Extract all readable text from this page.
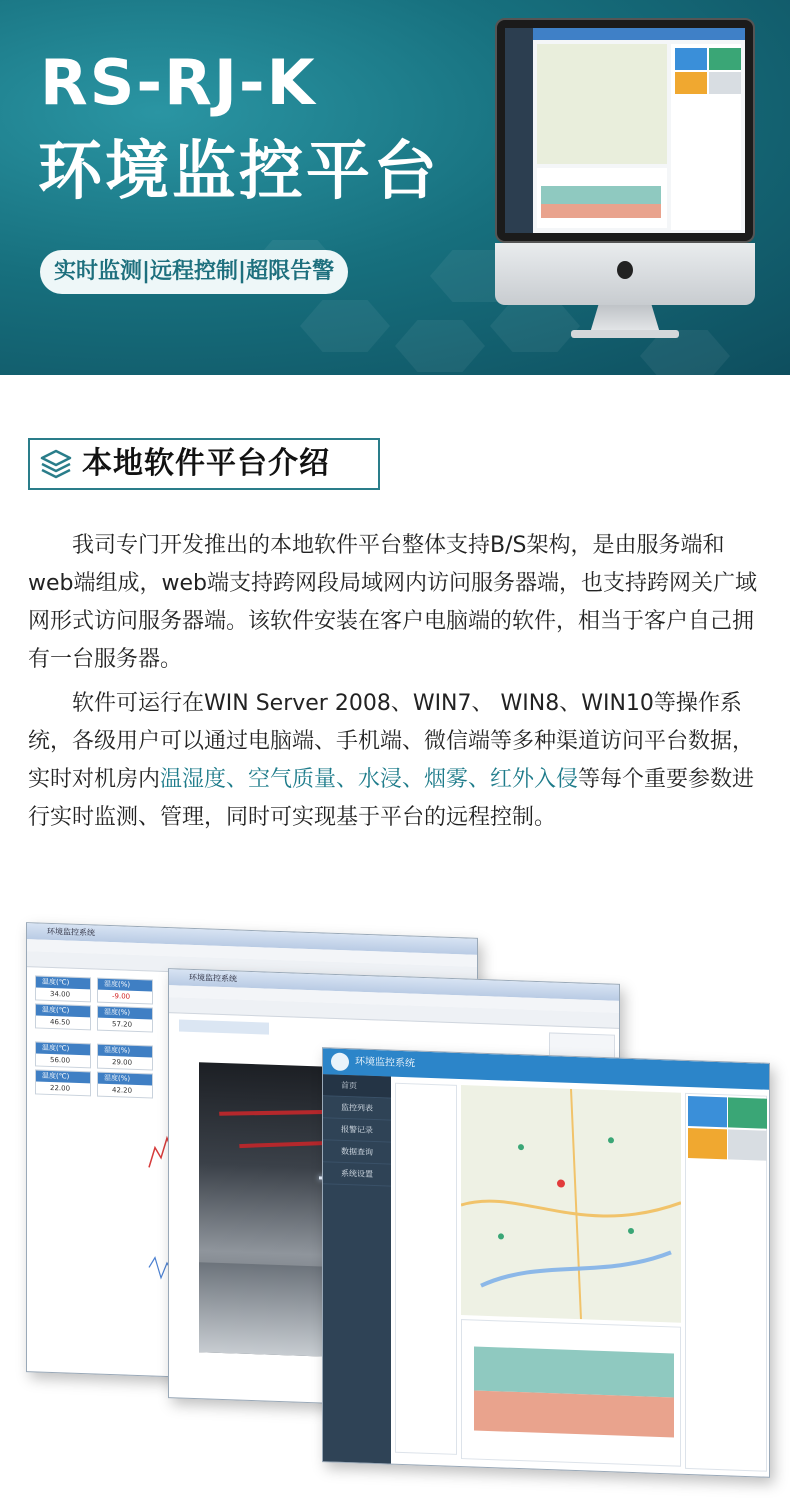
RS-RJ-K
环境监控平台
实时监测|远程控制|超限告警
本地软件平台介绍
我司专门开发推出的本地软件平台整体支持B/S架构，是由服务端和web端组成，web端支持跨网段局域网内访问服务器端，也支持跨网关广域网形式访问服务器端。该软件安装在客户电脑端的软件，相当于客户自己拥有一台服务器。
软件可运行在WIN Server 2008、WIN7、 WIN8、WIN10等操作系统，各级用户可以通过电脑端、手机端、微信端等多种渠道访问平台数据，实时对机房内温湿度、空气质量、水浸、烟雾、红外入侵等每个重要参数进行实时监测、管理，同时可实现基于平台的远程控制。
环境监控系统
温度(℃)
34.00
湿度(%)
-9.00
温度(℃)
46.50
湿度(%)
57.20
温度(℃)
56.00
湿度(%)
29.00
温度(℃)
22.00
湿度(%)
42.20
环境监控系统
环境监控系统
首页
监控列表
报警记录
数据查询
系统设置
